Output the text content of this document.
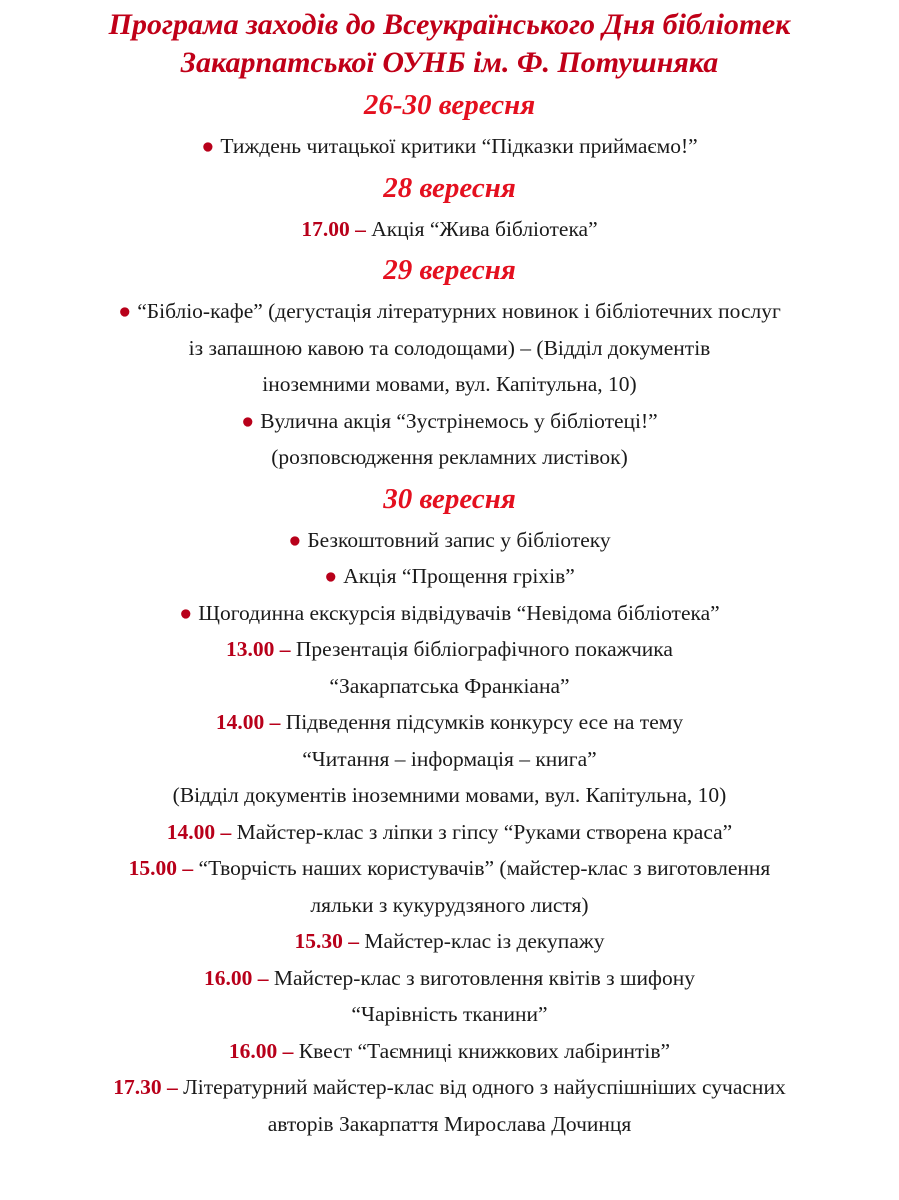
Програма заходів до Всеукраїнського Дня бібліотек
Закарпатської ОУНБ ім. Ф. Потушняка
26-30 вересня
● Тиждень читацької критики “Підказки приймаємо!”
28 вересня
17.00 – Акція “Жива бібліотека”
29 вересня
● “Бібліо-кафе” (дегустація літературних новинок і бібліотечних послуг
із запашною кавою та солодощами) – (Відділ документів
іноземними мовами, вул. Капітульна, 10)
● Вулична акція “Зустрінемось у бібліотеці!”
(розповсюдження рекламних листівок)
30 вересня
● Безкоштовний запис у бібліотеку
● Акція “Прощення гріхів”
● Щогодинна екскурсія відвідувачів “Невідома бібліотека”
13.00 – Презентація бібліографічного покажчика
“Закарпатська Франкіана”
14.00 – Підведення підсумків конкурсу есе на тему
“Читання – інформація – книга”
(Відділ документів іноземними мовами, вул. Капітульна, 10)
14.00 – Майстер-клас з ліпки з гіпсу “Руками створена краса”
15.00 – “Творчість наших користувачів” (майстер-клас з виготовлення
ляльки з кукурудзяного листя)
15.30 – Майстер-клас із декупажу
16.00 – Майстер-клас з виготовлення квітів з шифону
“Чарівність тканини”
16.00 – Квест “Таємниці книжкових лабіринтів”
17.30 – Літературний майстер-клас від одного з найуспішніших сучасних
авторів Закарпаття Мирослава Дочинця
